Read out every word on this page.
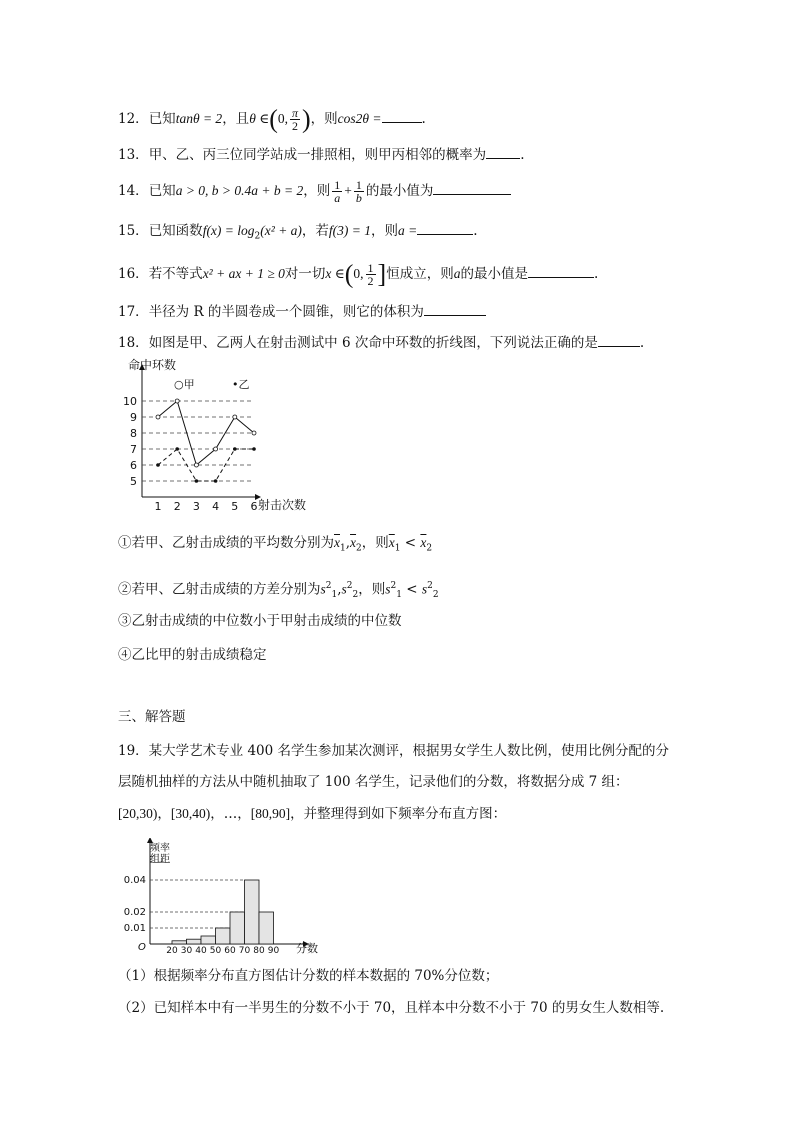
12．已知tanθ = 2，且θ ∈(0, $\frac{\pi}{2}$ )，则cos2θ =	.
13．甲、乙、丙三位同学站成一排照相，则甲丙相邻的概率为	.
14．已知a > 0, b > 0.4a + b = 2，则 $\frac{1}{a} + \frac{1}{b}$ 的最小值为
15．已知函数$f(x) = \log_2(x^2 + a)$，若f(3) = 1，则a =	.
16．若不等式x² + ax + 1 ≥ 0对一切x ∈(0, $\frac{1}{2}$ ]恒成立，则a的最小值是	.
17．半径为 R 的半圆卷成一个圆锥，则它的体积为
18．如图是甲、乙两人在射击测试中 6 次命中环数的折线图，下列说法正确的是	.
命中环数
○甲	•乙
射击次数
5
6
7
8
9
10
1 2 3 4 5 6
①若甲、乙射击成绩的平均数分别为$\overline{x}_1,\overline{x}_2$，则$\overline{x}_1 < \overline{x}_2$
②若甲、乙射击成绩的方差分别为$s^2_1,s^2_2$，则$s^2_1 < s^2_2$
③乙射击成绩的中位数小于甲射击成绩的中位数
④乙比甲的射击成绩稳定
三、解答题
19．某大学艺术专业 400 名学生参加某次测评，根据男女学生人数比例，使用比例分配的分
层随机抽样的方法从中随机抽取了 100 名学生，记录他们的分数，将数据分成 7 组：
[20,30)，[30,40)，…，[80,90]，并整理得到如下频率分布直方图：
频率
组距
O	分数
0.01
0.02
0.04
20 30 40 50 60 70 80 90
（1）根据频率分布直方图估计分数的样本数据的 70%分位数；
（2）已知样本中有一半男生的分数不小于 70，且样本中分数不小于 70 的男女生人数相等.
